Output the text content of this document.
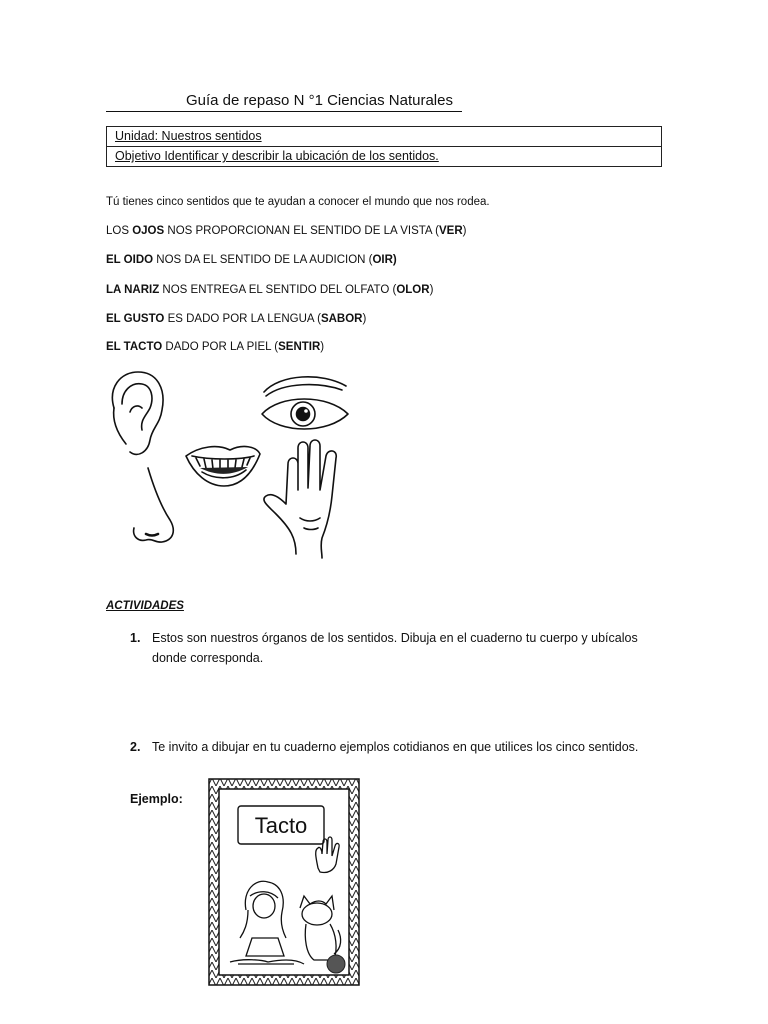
Guía de repaso N °1 Ciencias Naturales
Unidad: Nuestros sentidos
Objetivo Identificar y describir la ubicación de los sentidos.
Tú tienes cinco sentidos que te ayudan a conocer el mundo que nos rodea.
LOS OJOS NOS PROPORCIONAN EL SENTIDO DE LA VISTA (VER)
EL OIDO NOS DA EL SENTIDO DE LA AUDICION (OIR)
LA NARIZ NOS ENTREGA EL SENTIDO DEL OLFATO (OLOR)
EL GUSTO ES DADO POR LA LENGUA (SABOR)
EL TACTO DADO POR LA PIEL (SENTIR)
ACTIVIDADES
1. Estos son nuestros órganos de los sentidos. Dibuja en el cuaderno tu cuerpo y ubícalos donde corresponda.
2. Te invito a dibujar en tu cuaderno ejemplos cotidianos en que utilices los cinco sentidos.
Ejemplo:
Tacto
